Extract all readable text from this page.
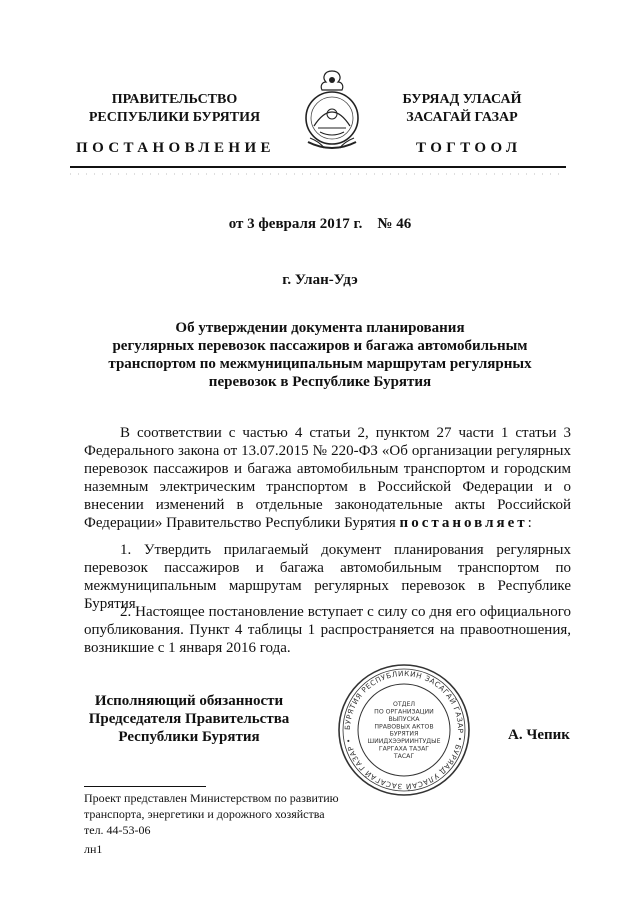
ПРАВИТЕЛЬСТВО
РЕСПУБЛИКИ БУРЯТИЯ
БУРЯАД УЛАСАЙ
ЗАСАГАЙ ГАЗАР
ПОСТАНОВЛЕНИЕ	ТОГТООЛ
от 3 февраля 2017 г.    № 46
г. Улан-Удэ
Об утверждении документа планирования
регулярных перевозок пассажиров и багажа автомобильным
транспортом по межмуниципальным маршрутам регулярных
перевозок в Республике Бурятия
В соответствии с частью 4 статьи 2, пунктом 27 части 1 статьи 3 Федерального закона от 13.07.2015 № 220-ФЗ «Об организации регулярных перевозок пассажиров и багажа автомобильным транспортом и городским наземным электрическим транспортом в Российской Федерации и о внесении изменений в отдельные законодательные акты Российской Федерации» Правительство Республики Бурятия постановляет:
1. Утвердить прилагаемый документ планирования регулярных перевозок пассажиров и багажа автомобильным транспортом по межмуниципальным маршрутам регулярных перевозок в Республике Бурятия.
2. Настоящее постановление вступает с силу со дня его официального опубликования. Пункт 4 таблицы 1 распространяется на правоотношения, возникшие с 1 января 2016 года.
Исполняющий обязанности
Председателя Правительства
Республики Бурятия
БУРЯТИЯ РЕСПУБЛИКИН ЗАСАГАЙ ГАЗАР • БУРЯАД УЛАСАЙ ЗАСАГАЙ ГАЗАР •
ОТДЕЛ
ПО ОРГАНИЗАЦИИ
ВЫПУСКА
ПРАВОВЫХ АКТОВ
БУРЯТИЯ
ШИИДХЭЭРИИНТУДЫЕ
ГАРГАХА ТАЗАГ
ТАСАГ
А. Чепик
Проект представлен Министерством по развитию
транспорта, энергетики и дорожного хозяйства
тел. 44-53-06
лн1
